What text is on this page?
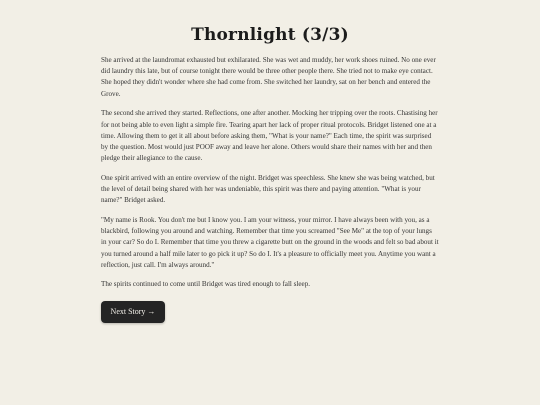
Thornlight (3/3)

She arrived at the laundromat exhausted but exhilarated. She was wet and muddy, her work shoes ruined. No one ever did laundry this late, but of course tonight there would be three other people there. She tried not to make eye contact. She hoped they didn't wonder where she had come from. She switched her laundry, sat on her bench and entered the Grove.

The second she arrived they started. Reflections, one after another. Mocking her tripping over the roots. Chastising her for not being able to even light a simple fire. Tearing apart her lack of proper ritual protocols. Bridget listened one at a time. Allowing them to get it all about before asking them, "What is your name?" Each time, the spirit was surprised by the question. Most would just POOF away and leave her alone. Others would share their names with her and then pledge their allegiance to the cause.

One spirit arrived with an entire overview of the night. Bridget was speechless. She knew she was being watched, but the level of detail being shared with her was undeniable, this spirit was there and paying attention. "What is your name?" Bridget asked.

"My name is Rook. You don't me but I know you. I am your witness, your mirror. I have always been with you, as a blackbird, following you around and watching. Remember that time you screamed "See Me" at the top of your lungs in your car? So do I. Remember that time you threw a cigarette butt on the ground in the woods and felt so bad about it you turned around a half mile later to go pick it up? So do I. It's a pleasure to officially meet you. Anytime you want a reflection, just call. I'm always around."

The spirits continued to come until Bridget was tired enough to fall sleep.

Next Story →
